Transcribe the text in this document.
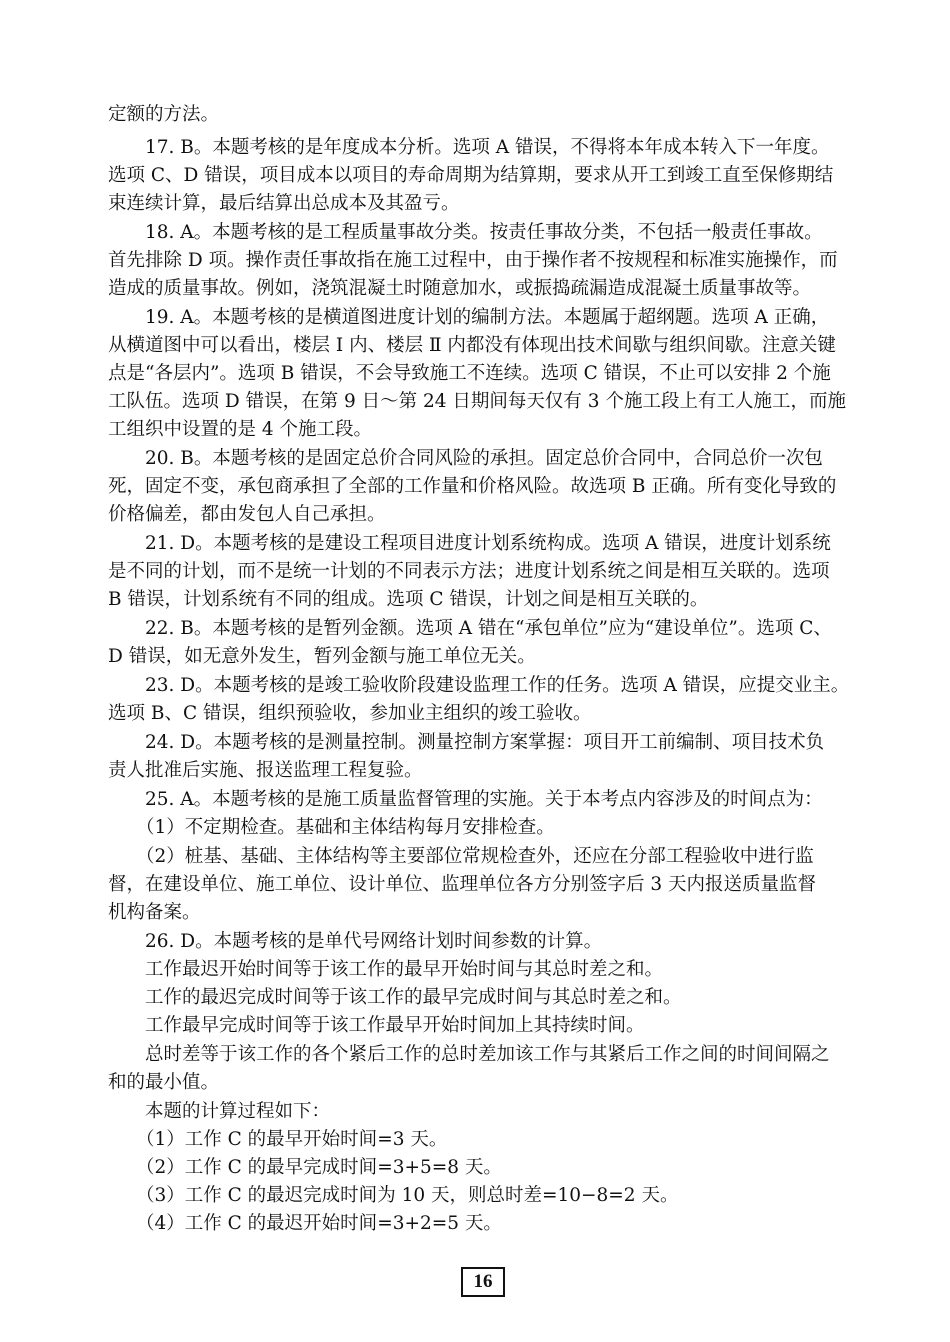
定额的方法。
17. B。本题考核的是年度成本分析。选项 A 错误，不得将本年成本转入下一年度。
选项 C、D 错误，项目成本以项目的寿命周期为结算期，要求从开工到竣工直至保修期结
束连续计算，最后结算出总成本及其盈亏。
18. A。本题考核的是工程质量事故分类。按责任事故分类，不包括一般责任事故。
首先排除 D 项。操作责任事故指在施工过程中，由于操作者不按规程和标准实施操作，而
造成的质量事故。例如，浇筑混凝土时随意加水，或振捣疏漏造成混凝土质量事故等。
19. A。本题考核的是横道图进度计划的编制方法。本题属于超纲题。选项 A 正确，
从横道图中可以看出，楼层 Ⅰ 内、楼层 Ⅱ 内都没有体现出技术间歇与组织间歇。注意关键
点是“各层内”。选项 B 错误，不会导致施工不连续。选项 C 错误，不止可以安排 2 个施
工队伍。选项 D 错误，在第 9 日～第 24 日期间每天仅有 3 个施工段上有工人施工，而施
工组织中设置的是 4 个施工段。
20. B。本题考核的是固定总价合同风险的承担。固定总价合同中，合同总价一次包
死，固定不变，承包商承担了全部的工作量和价格风险。故选项 B 正确。所有变化导致的
价格偏差，都由发包人自己承担。
21. D。本题考核的是建设工程项目进度计划系统构成。选项 A 错误，进度计划系统
是不同的计划，而不是统一计划的不同表示方法；进度计划系统之间是相互关联的。选项
B 错误，计划系统有不同的组成。选项 C 错误，计划之间是相互关联的。
22. B。本题考核的是暂列金额。选项 A 错在“承包单位”应为“建设单位”。选项 C、
D 错误，如无意外发生，暂列金额与施工单位无关。
23. D。本题考核的是竣工验收阶段建设监理工作的任务。选项 A 错误，应提交业主。
选项 B、C 错误，组织预验收，参加业主组织的竣工验收。
24. D。本题考核的是测量控制。测量控制方案掌握：项目开工前编制、项目技术负
责人批准后实施、报送监理工程复验。
25. A。本题考核的是施工质量监督管理的实施。关于本考点内容涉及的时间点为：
（1）不定期检查。基础和主体结构每月安排检查。
（2）桩基、基础、主体结构等主要部位常规检查外，还应在分部工程验收中进行监
督，在建设单位、施工单位、设计单位、监理单位各方分别签字后 3 天内报送质量监督
机构备案。
26. D。本题考核的是单代号网络计划时间参数的计算。
工作最迟开始时间等于该工作的最早开始时间与其总时差之和。
工作的最迟完成时间等于该工作的最早完成时间与其总时差之和。
工作最早完成时间等于该工作最早开始时间加上其持续时间。
总时差等于该工作的各个紧后工作的总时差加该工作与其紧后工作之间的时间间隔之
和的最小值。
本题的计算过程如下：
（1）工作 C 的最早开始时间=3 天。
（2）工作 C 的最早完成时间=3+5=8 天。
（3）工作 C 的最迟完成时间为 10 天，则总时差=10−8=2 天。
（4）工作 C 的最迟开始时间=3+2=5 天。
16
